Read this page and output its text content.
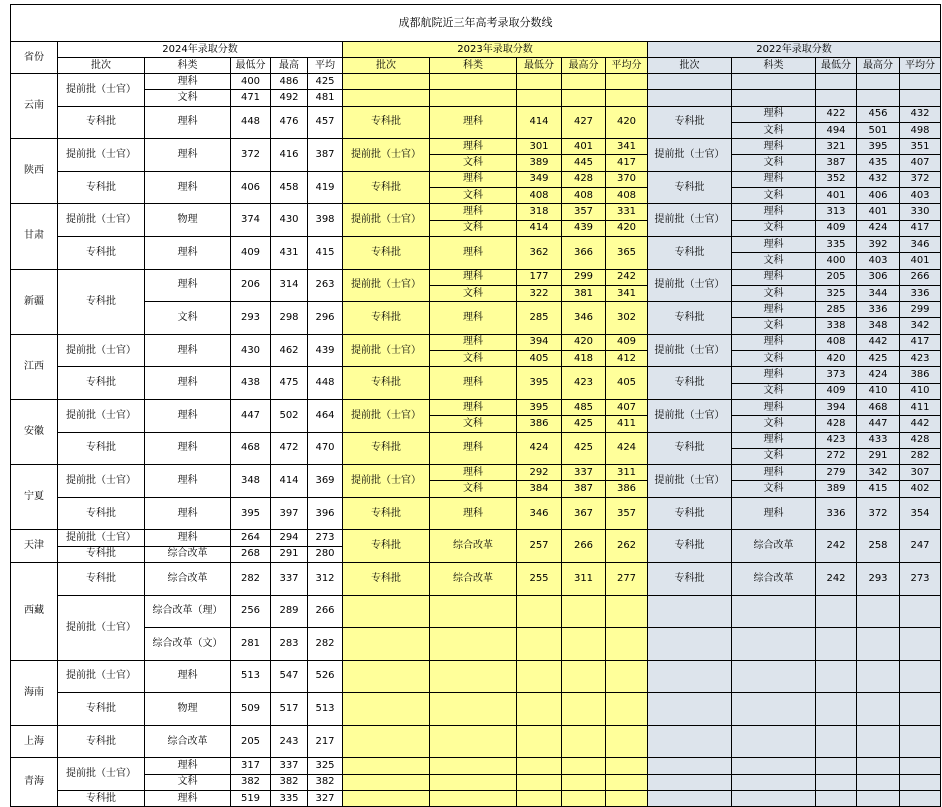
成都航院近三年高考录取分数线															
省份	2024年录取分数					2023年录取分数					2022年录取分数				
	批次	科类	最低分	最高	平均	批次	科类	最低分	最高分	平均分	批次	科类	最低分	最高分	平均分
云南	提前批（士官）	理科	400	486	425										
		文科	471	492	481										
	专科批	理科	448	476	457	专科批	理科	414	427	420	专科批	理科	422	456	432
												文科	494	501	498
陕西	提前批（士官）	理科	372	416	387	提前批（士官）	理科	301	401	341	提前批（士官）	理科	321	395	351
							文科	389	445	417		文科	387	435	407
	专科批	理科	406	458	419	专科批	理科	349	428	370	专科批	理科	352	432	372
							文科	408	408	408		文科	401	406	403
甘肃	提前批（士官）	物理	374	430	398	提前批（士官）	理科	318	357	331	提前批（士官）	理科	313	401	330
							文科	414	439	420		文科	409	424	417
	专科批	理科	409	431	415	专科批	理科	362	366	365	专科批	理科	335	392	346
												文科	400	403	401
新疆	专科批	理科	206	314	263	提前批（士官）	理科	177	299	242	提前批（士官）	理科	205	306	266
							文科	322	381	341		文科	325	344	336
		文科	293	298	296	专科批	理科	285	346	302	专科批	理科	285	336	299
												文科	338	348	342
江西	提前批（士官）	理科	430	462	439	提前批（士官）	理科	394	420	409	提前批（士官）	理科	408	442	417
							文科	405	418	412		文科	420	425	423
	专科批	理科	438	475	448	专科批	理科	395	423	405	专科批	理科	373	424	386
												文科	409	410	410
安徽	提前批（士官）	理科	447	502	464	提前批（士官）	理科	395	485	407	提前批（士官）	理科	394	468	411
							文科	386	425	411		文科	428	447	442
	专科批	理科	468	472	470	专科批	理科	424	425	424	专科批	理科	423	433	428
												文科	272	291	282
宁夏	提前批（士官）	理科	348	414	369	提前批（士官）	理科	292	337	311	提前批（士官）	理科	279	342	307
							文科	384	387	386		文科	389	415	402
	专科批	理科	395	397	396	专科批	理科	346	367	357	专科批	理科	336	372	354

天津	提前批（士官）	理科	264	294	273	专科批	综合改革	257	266	262	专科批	综合改革	242	258	247
	专科批	综合改革	268	291	280										
西藏	专科批	综合改革	282	337	312	专科批	综合改革	255	311	277	专科批	综合改革	242	293	273

	提前批（士官）	综合改革（理）	256	289	266										

		综合改革（文）	281	283	282										

海南	提前批（士官）	理科	513	547	526										

	专科批	物理	509	517	513										

上海	专科批	综合改革	205	243	217										

青海	提前批（士官）	理科	317	337	325										
		文科	382	382	382										
	专科批	理科	519	335	327										
